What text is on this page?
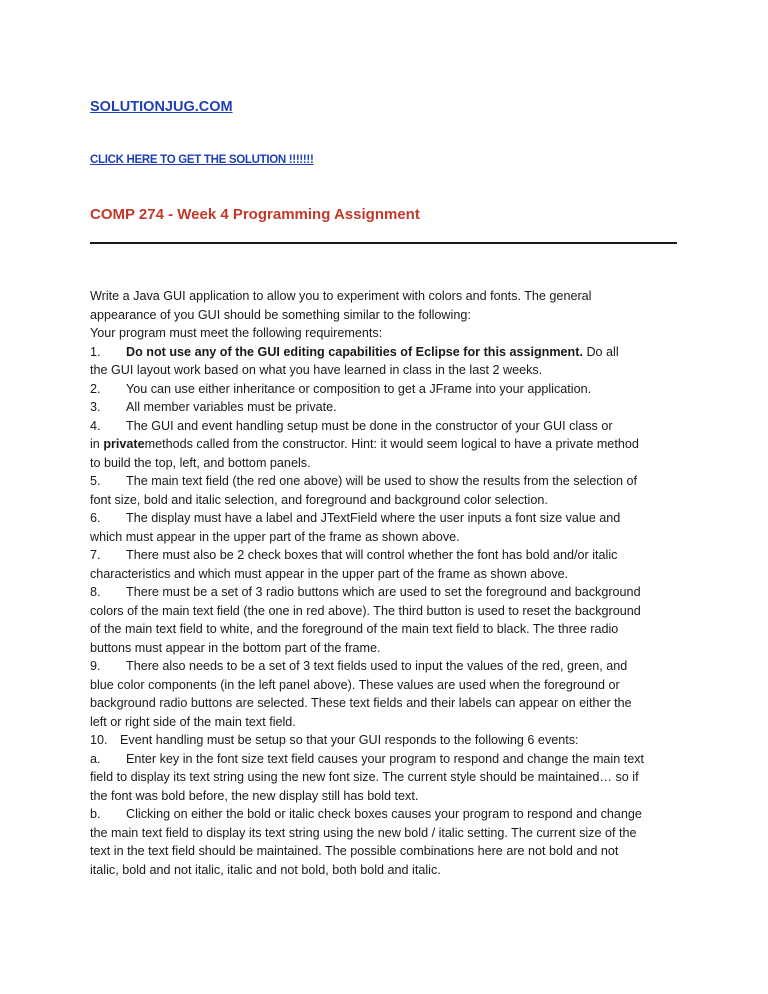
SOLUTIONJUG.COM
CLICK HERE TO GET THE SOLUTION !!!!!!!
COMP 274 - Week 4 Programming Assignment
Write a Java GUI application to allow you to experiment with colors and fonts. The general
appearance of you GUI should be something similar to the following:
Your program must meet the following requirements:
1. Do not use any of the GUI editing capabilities of Eclipse for this assignment. Do all
the GUI layout work based on what you have learned in class in the last 2 weeks.
2. You can use either inheritance or composition to get a JFrame into your application.
3. All member variables must be private.
4. The GUI and event handling setup must be done in the constructor of your GUI class or
in privatemethods called from the constructor. Hint: it would seem logical to have a private method
to build the top, left, and bottom panels.
5. The main text field (the red one above) will be used to show the results from the selection of
font size, bold and italic selection, and foreground and background color selection.
6. The display must have a label and JTextField where the user inputs a font size value and
which must appear in the upper part of the frame as shown above.
7. There must also be 2 check boxes that will control whether the font has bold and/or italic
characteristics and which must appear in the upper part of the frame as shown above.
8. There must be a set of 3 radio buttons which are used to set the foreground and background
colors of the main text field (the one in red above). The third button is used to reset the background
of the main text field to white, and the foreground of the main text field to black. The three radio
buttons must appear in the bottom part of the frame.
9. There also needs to be a set of 3 text fields used to input the values of the red, green, and
blue color components (in the left panel above). These values are used when the foreground or
background radio buttons are selected. These text fields and their labels can appear on either the
left or right side of the main text field.
10. Event handling must be setup so that your GUI responds to the following 6 events:
a. Enter key in the font size text field causes your program to respond and change the main text
field to display its text string using the new font size. The current style should be maintained… so if
the font was bold before, the new display still has bold text.
b. Clicking on either the bold or italic check boxes causes your program to respond and change
the main text field to display its text string using the new bold / italic setting. The current size of the
text in the text field should be maintained. The possible combinations here are not bold and not
italic, bold and not italic, italic and not bold, both bold and italic.
